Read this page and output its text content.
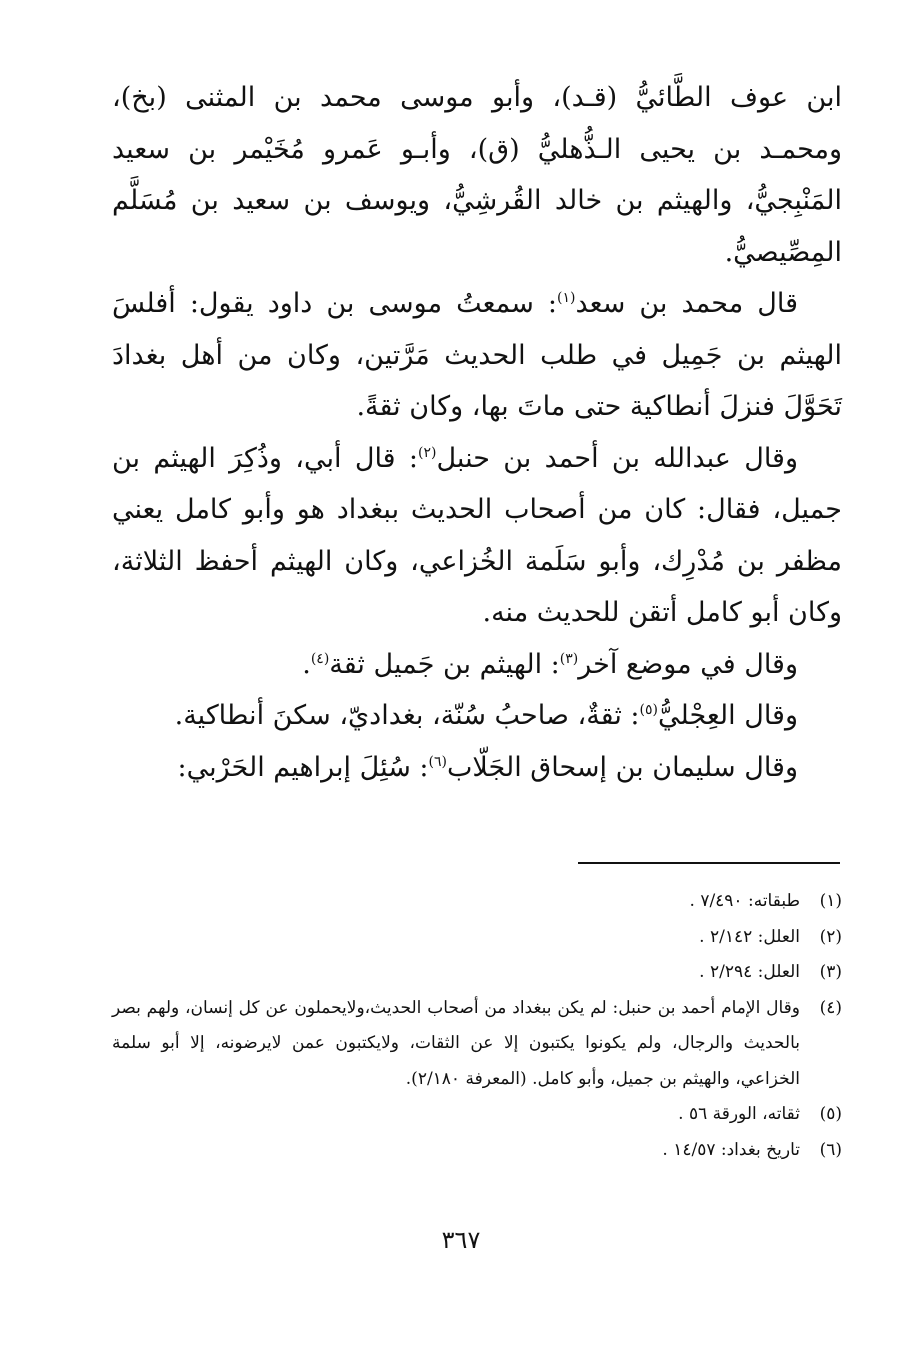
ابن عوف الطَّائيُّ (قـد)، وأبو موسى محمد بن المثنى (بخ)، ومحمـد بن يحيى الـذُّهليُّ (ق)، وأبـو عَمرو مُخَيْمر بن سعيد المَنْبِجيُّ، والهيثم بن خالد القُرشِيُّ، ويوسف بن سعيد بن مُسَلَّم المِصِّيصيُّ.

قال محمد بن سعد$^{(١)}$: سمعتُ موسى بن داود يقول: أفلسَ الهيثم بن جَمِيل في طلب الحديث مَرَّتين، وكان من أهل بغدادَ تَحَوَّلَ فنزلَ أنطاكية حتى ماتَ بها، وكان ثقةً.

وقال عبدالله بن أحمد بن حنبل$^{(٢)}$: قال أبي، وذُكِرَ الهيثم بن جميل، فقال: كان من أصحاب الحديث ببغداد هو وأبو كامل يعني مظفر بن مُدْرِك، وأبو سَلَمة الخُزاعي، وكان الهيثم أحفظ الثلاثة، وكان أبو كامل أتقن للحديث منه.

وقال في موضع آخر$^{(٣)}$: الهيثم بن جَميل ثقة$^{(٤)}$.

وقال العِجْليُّ$^{(٥)}$: ثقةٌ، صاحبُ سُنّة، بغداديّ، سكنَ أنطاكية.

وقال سليمان بن إسحاق الجَلّاب$^{(٦)}$: سُئِلَ إبراهيم الحَرْبي:

(١)
طبقاته: ٧/٤٩٠ .
(٢)
العلل: ٢/١٤٢ .
(٣)
العلل: ٢/٢٩٤ .
(٤)
وقال الإمام أحمد بن حنبل: لم يكن ببغداد من أصحاب الحديث،ولايحملون عن كل إنسان، ولهم بصر بالحديث والرجال، ولم يكونوا يكتبون إلا عن الثقات، ولايكتبون عمن لايرضونه، إلا أبو سلمة الخزاعي، والهيثم بن جميل، وأبو كامل. (المعرفة ٢/١٨٠).
(٥)
ثقاته، الورقة ٥٦ .
(٦)
تاريخ بغداد: ١٤/٥٧ .
٣٦٧
